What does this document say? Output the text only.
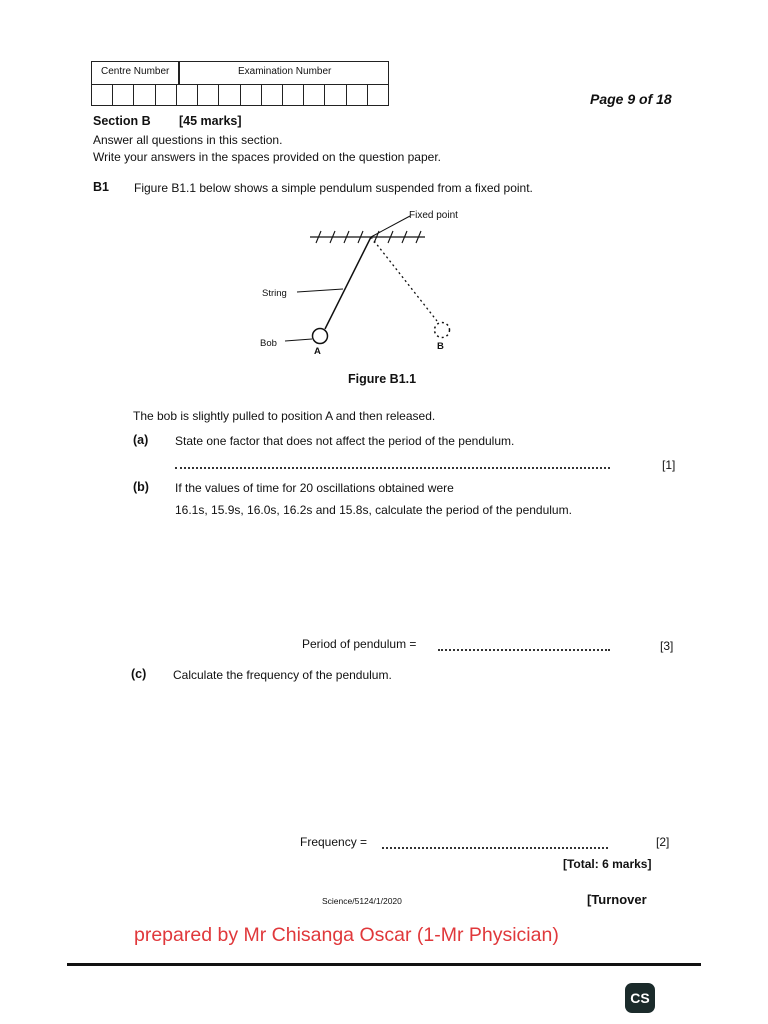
Centre Number	Examination Number
Page 9 of 18
Section B [45 marks]
Answer all questions in this section.
Write your answers in the spaces provided on the question paper.
B1 Figure B1.1 below shows a simple pendulum suspended from a fixed point.
Fixed point
String
Bob
A	B
Figure B1.1
The bob is slightly pulled to position A and then released.
(a) State one factor that does not affect the period of the pendulum.
[1]
(b) If the values of time for 20 oscillations obtained were
16.1s, 15.9s, 16.0s, 16.2s and 15.8s, calculate the period of the pendulum.
Period of pendulum =	[3]
(c) Calculate the frequency of the pendulum.
Frequency =	[2]
[Total: 6 marks]
Science/5124/1/2020	[Turnover
prepared by Mr Chisanga Oscar (1-Mr Physician)
CS
